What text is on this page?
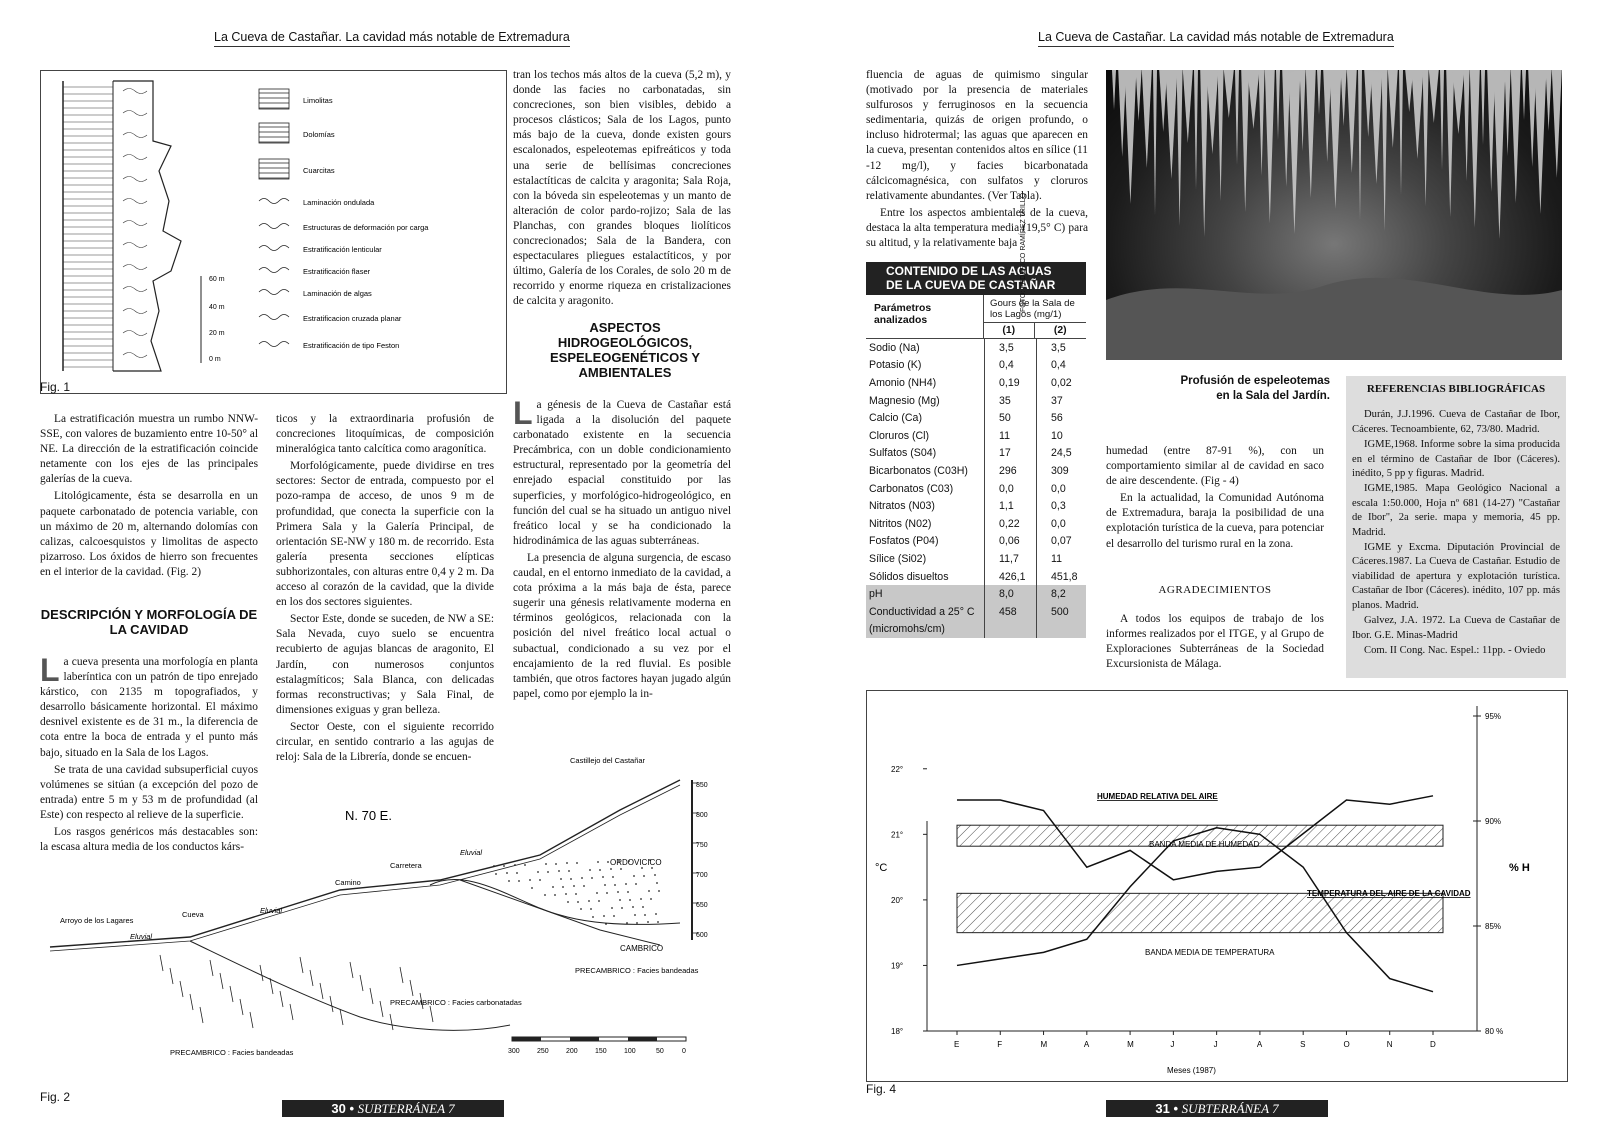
La Cueva de Castañar. La cavidad más notable de Extremadura
60 m
40 m
20 m
0 m
Limolitas
Dolomías
Cuarcitas
Laminación ondulada
Estructuras de deformación por carga
Estratificación lenticular
Estratificación flaser
Laminación de algas
Estratificacion cruzada planar
Estratificación de tipo Feston
Fig. 1

La estratificación muestra un rumbo NNW-SSE, con valores de buzamiento entre 10-50° al NE. La dirección de la estratificación coincide netamente con los ejes de las principales galerías de la cueva.

Litológicamente, ésta se desarrolla en un paquete carbonatado de potencia variable, con un máximo de 20 m, alternando dolomías con calizas, calcoesquistos y limolitas de aspecto pizarroso. Los óxidos de hierro son frecuentes en el interior de la cavidad. (Fig. 2)

DESCRIPCIÓN Y MORFOLOGÍA DE LA CAVIDAD

La cueva presenta una morfología en planta laberíntica con un patrón de tipo enrejado kárstico, con 2135 m topografiados, y desarrollo básicamente horizontal. El máximo desnivel existente es de 31 m., la diferencia de cota entre la boca de entrada y el punto más bajo, situado en la Sala de los Lagos.

Se trata de una cavidad subsuperficial cuyos volúmenes se sitúan (a excepción del pozo de entrada) entre 5 m y 53 m de profundidad (al Este) con respecto al relieve de la superficie.

Los rasgos genéricos más destacables son: la escasa altura media de los conductos kárs-

ticos y la extraordinaria profusión de concreciones litoquímicas, de composición mineralógica tanto calcítica como aragonítica.

Morfológicamente, puede dividirse en tres sectores: Sector de entrada, compuesto por el pozo-rampa de acceso, de unos 9 m de profundidad, que conecta la superficie con la Primera Sala y la Galería Principal, de orientación SE-NW y 180 m. de recorrido. Esta galería presenta secciones elípticas subhorizontales, con alturas entre 0,4 y 2 m. Da acceso al corazón de la cavidad, que la divide en los dos sectores siguientes.

Sector Este, donde se suceden, de NW a SE: Sala Nevada, cuyo suelo se encuentra recubierto de agujas blancas de aragonito, El Jardín, con numerosos conjuntos estalagmíticos; Sala Blanca, con delicadas formas reconstructivas; y Sala Final, de dimensiones exiguas y gran belleza.

Sector Oeste, con el siguiente recorrido circular, en sentido contrario a las agujas de reloj: Sala de la Librería, donde se encuen-

tran los techos más altos de la cueva (5,2 m), y donde las facies no carbonatadas, sin concreciones, son bien visibles, debido a procesos clásticos; Sala de los Lagos, punto más bajo de la cueva, donde existen gours escalonados, espeleotemas epifreáticos y toda una serie de bellísimas concreciones estalactíticas de calcita y aragonita; Sala Roja, con la bóveda sin espeleotemas y un manto de alteración de color pardo-rojizo; Sala de las Planchas, con grandes bloques liolíticos concrecionados; Sala de la Bandera, con espectaculares pliegues estalactíticos, y por último, Galería de los Corales, de solo 20 m de recorrido y enorme riqueza en cristalizaciones de calcita y aragonito.

ASPECTOS HIDROGEOLÓGICOS, ESPELEOGENÉTICOS Y AMBIENTALES

La génesis de la Cueva de Castañar está ligada a la disolución del paquete carbonatado existente en la secuencia Precámbrica, con un doble condicionamiento estructural, representado por la geometría del enrejado espacial constituido por las superficies, y morfológico-hidrogeológico, en función del cual se ha situado un antiguo nivel freático local y se ha condicionado la hidrodinámica de las aguas subterráneas.

La presencia de alguna surgencia, de escaso caudal, en el entorno inmediato de la cavidad, a cota próxima a la más baja de ésta, parece sugerir una génesis relativamente moderna en términos geológicos, relacionada con la posición del nivel freático local actual o subactual, condicionado a su vez por el encajamiento de la red fluvial. Es posible también, que otros factores hayan jugado algún papel, como por ejemplo la in-

N. 70 E.
Castillejo del Castañar
Carretera
Camino
Arroyo de los Lagares
Cueva
Eluvial
Eluvial
Eluvial
ORDOVICICO
CAMBRICO
PRECAMBRICO : Facies bandeadas
PRECAMBRICO : Facies carbonatadas
PRECAMBRICO : Facies bandeadas
850
800
750
700
650
600
300 250 200 150 100	50	0
Fig. 2
30 • SUBTERRÁNEA 7
La Cueva de Castañar. La cavidad más notable de Extremadura

fluencia de aguas de quimismo singular (motivado por la presencia de materiales sulfurosos y ferruginosos en la secuencia sedimentaria, quizás de origen profundo, o incluso hidrotermal; las aguas que aparecen en la cueva, presentan contenidos altos en sílice (11 -12 mg/l), y facies bicarbonatada cálcicomagnésica, con sulfatos y cloruros relativamente abundantes. (Ver Tabla).

Entre los aspectos ambientales de la cueva, destaca la alta temperatura media (19,5° C) para su altitud, y la relativamente baja

CONTENIDO DE LAS AGUAS
DE LA CUEVA DE CASTAÑAR
Parámetros analizados
Gours de la Sala de los Lagos (mg/1)
(1)	(2)
Sodio (Na)	3,5	3,5
Potasio (K)	0,4	0,4
Amonio (NH4)	0,19	0,02
Magnesio (Mg)	35	37
Calcio (Ca)	50	56
Cloruros (Cl)	11	10
Sulfatos (S04)	17	24,5
Bicarbonatos (C03H)	296	309
Carbonatos (C03)	0,0	0,0
Nitratos (N03)	1,1	0,3
Nitritos (N02)	0,22	0,0
Fosfatos (P04)	0,06	0,07
Sílice (Si02)	11,7	11
Sólidos disueltos	426,1	451,8
pH	8,0	8,2
Conductividad a 25° C	458	500
(micromohs/cm)		
FOTO: FEDERICO RAMÍREZ TRILLO
Profusión de espeleotemas
en la Sala del Jardín.

humedad (entre 87-91 %), con un comportamiento similar al de cavidad en saco de aire descendente. (Fig - 4)

En la actualidad, la Comunidad Autónoma de Extremadura, baraja la posibilidad de una explotación turística de la cueva, para potenciar el desarrollo del turismo rural en la zona.

AGRADECIMIENTOS

A todos los equipos de trabajo de los informes realizados por el ITGE, y al Grupo de Exploraciones Subterráneas de la Sociedad Excursionista de Málaga.

REFERENCIAS BIBLIOGRÁFICAS

Durán, J.J.1996. Cueva de Castañar de Ibor, Cáceres. Tecnoambiente, 62, 73/80. Madrid.

IGME,1968. Informe sobre la sima producida en el término de Castañar de Ibor (Cáceres). inédito, 5 pp y figuras. Madrid.

IGME,1985. Mapa Geológico Nacional a escala 1:50.000, Hoja nº 681 (14-27) "Castañar de Ibor", 2a serie. mapa y memoria, 45 pp. Madrid.

IGME y Excma. Diputación Provincial de Cáceres.1987. La Cueva de Castañar. Estudio de viabilidad de apertura y explotación turística. Castañar de Ibor (Cáceres). inédito, 107 pp. más planos. Madrid.

Galvez, J.A. 1972. La Cueva de Castañar de Ibor. G.E. Minas-Madrid

Com. II Cong. Nac. Espel.: 11pp. - Oviedo

22°
21°
20°
19°
18°
95%
90%
85%
80 %
E	F	M	A	M	J	J	A	S	O	N	D
°C	% H
HUMEDAD RELATIVA DEL AIRE
BANDA MEDIA DE HUMEDAD
TEMPERATURA DEL AIRE DE LA CAVIDAD
BANDA MEDIA DE TEMPERATURA
Meses (1987)
Fig. 4
31 • SUBTERRÁNEA 7
